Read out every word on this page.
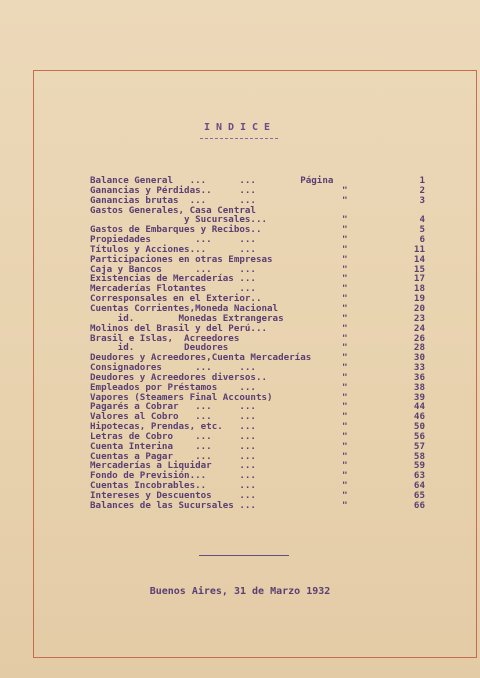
INDICE
Balance General   ...      ...        Página	1
Ganancias y Pérdidas..     ...	"	2
Ganancias brutas  ...      ...	"	3
Gastos Generales, Casa Central
y Sucursales...	"	4
Gastos de Embarques y Recibos..	"	5
Propiedades        ...     ...	"	6
Títulos y Acciones...      ...	"	11
Participaciones en otras Empresas	"	14
Caja y Bancos      ...     ...	"	15
Existencias de Mercaderías ...	"	17
Mercaderías Flotantes      ...	"	18
Corresponsales en el Exterior..	"	19
Cuentas Corrientes,Moneda Nacional	"	20
id.        Monedas Extrangeras	"	23
Molinos del Brasil y del Perú...	"	24
Brasil e Islas,  Acreedores	"	26
id.         Deudores	"	28
Deudores y Acreedores,Cuenta Mercaderías	"	30
Consignadores      ...     ...	"	33
Deudores y Acreedores diversos..	"	36
Empleados por Préstamos    ...	"	38
Vapores (Steamers Final Accounts)	"	39
Pagarés a Cobrar   ...     ...	"	44
Valores al Cobro   ...     ...	"	46
Hipotecas, Prendas, etc.   ...	"	50
Letras de Cobro    ...     ...	"	56
Cuenta Interina    ...     ...	"	57
Cuentas a Pagar    ...     ...	"	58
Mercaderías a Liquidar     ...	"	59
Fondo de Previsión...      ...	"	63
Cuentas Incobrables..      ...	"	64
Intereses y Descuentos     ...	"	65
Balances de las Sucursales ...	"	66
Buenos Aires, 31 de Marzo 1932
